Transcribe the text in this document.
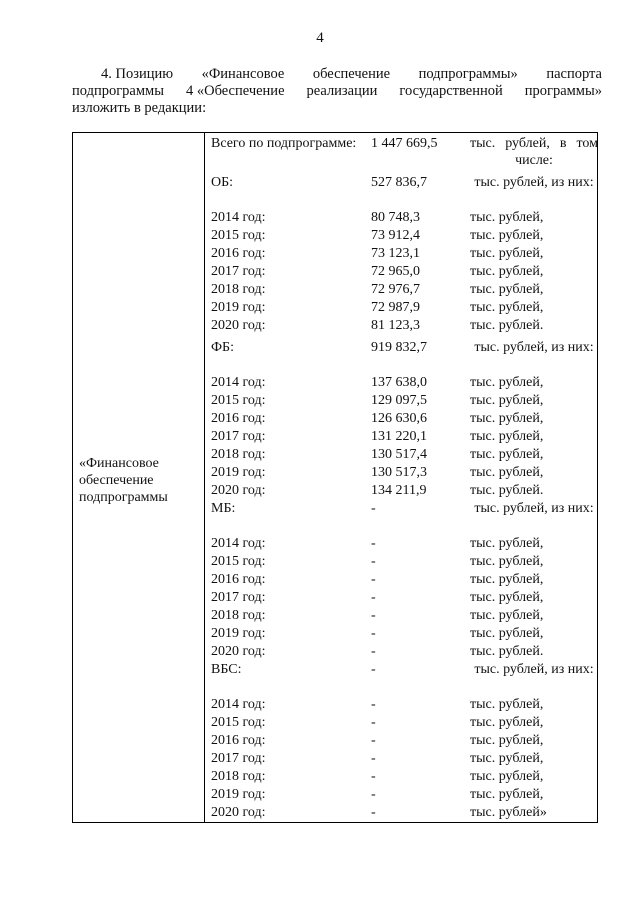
4
4. Позицию «Финансовое обеспечение подпрограммы» паспорта
подпрограммы 4 «Обеспечение реализации государственной программы»
изложить в редакции:
«Финансовое обеспечение подпрограммы
Всего по подпрограмме:	1 447 669,5	тыс. рублей, в том числе:
ОБ:	527 836,7	тыс. рублей, из них:
2014 год:	80 748,3	тыс. рублей,
2015 год:	73 912,4	тыс. рублей,
2016 год:	73 123,1	тыс. рублей,
2017 год:	72 965,0	тыс. рублей,
2018 год:	72 976,7	тыс. рублей,
2019 год:	72 987,9	тыс. рублей,
2020 год:	81 123,3	тыс. рублей.
ФБ:	919 832,7	тыс. рублей, из них:
2014 год:	137 638,0	тыс. рублей,
2015 год:	129 097,5	тыс. рублей,
2016 год:	126 630,6	тыс. рублей,
2017 год:	131 220,1	тыс. рублей,
2018 год:	130 517,4	тыс. рублей,
2019 год:	130 517,3	тыс. рублей,
2020 год:	134 211,9	тыс. рублей.
МБ:	-	тыс. рублей, из них:
2014 год:	-	тыс. рублей,
2015 год:	-	тыс. рублей,
2016 год:	-	тыс. рублей,
2017 год:	-	тыс. рублей,
2018 год:	-	тыс. рублей,
2019 год:	-	тыс. рублей,
2020 год:	-	тыс. рублей.
ВБС:	-	тыс. рублей, из них:
2014 год:	-	тыс. рублей,
2015 год:	-	тыс. рублей,
2016 год:	-	тыс. рублей,
2017 год:	-	тыс. рублей,
2018 год:	-	тыс. рублей,
2019 год:	-	тыс. рублей,
2020 год:	-	тыс. рублей»
